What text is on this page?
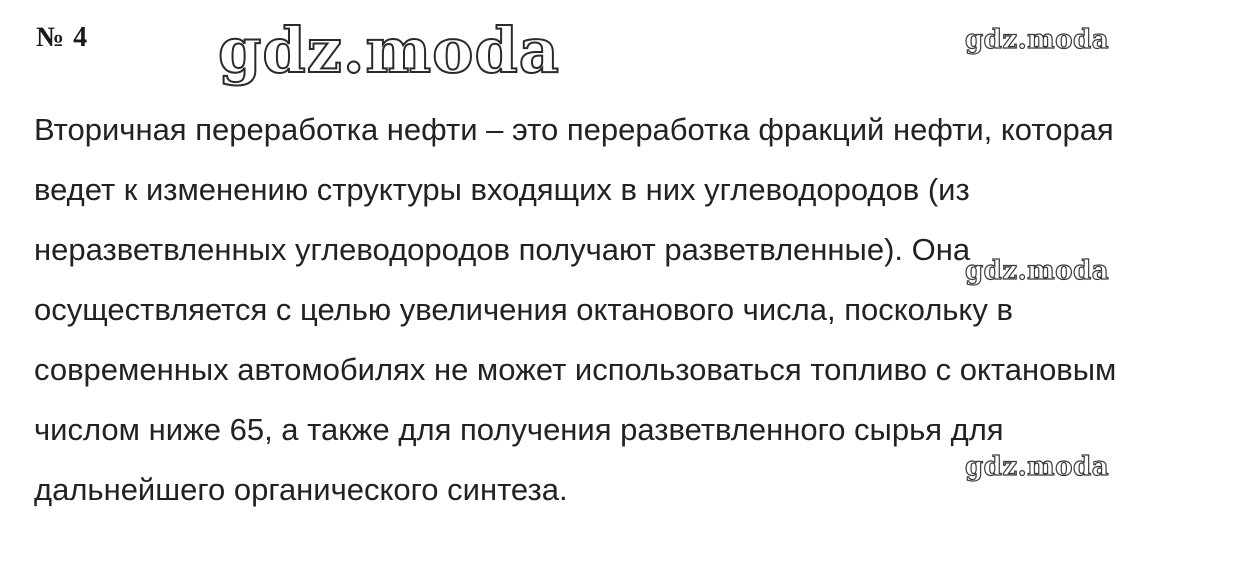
№ 4 gdz.moda	gdz.moda
gdz.moda
gdz.moda
Вторичная переработка нефти – это переработка фракций нефти, которая
ведет к изменению структуры входящих в них углеводородов (из
неразветвленных углеводородов получают разветвленные). Она
осуществляется с целью увеличения октанового числа, поскольку в
современных автомобилях не может использоваться топливо с октановым
числом ниже 65, а также для получения разветвленного сырья для
дальнейшего органического синтеза.
